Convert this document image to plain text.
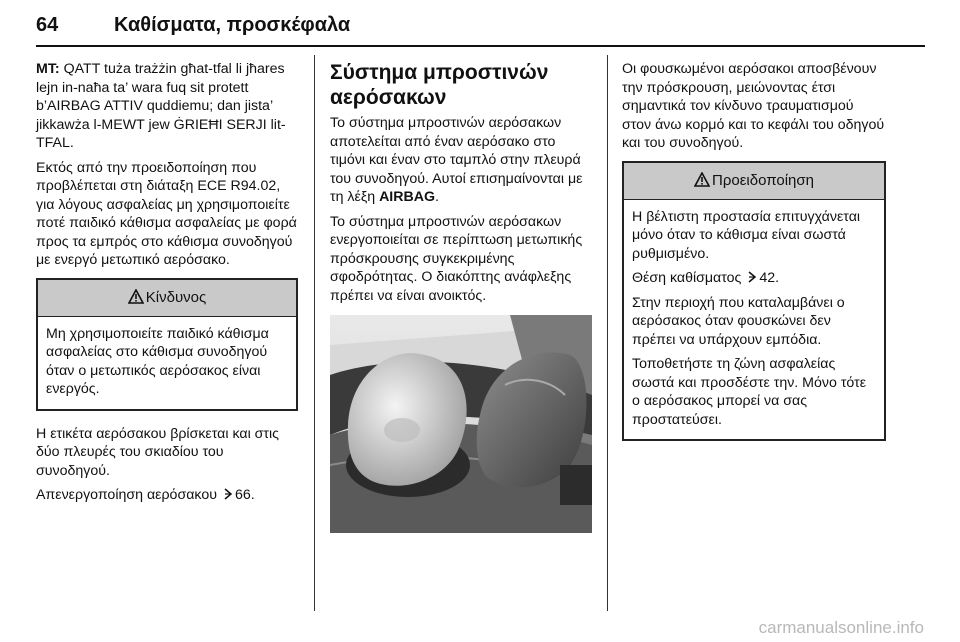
64	Καθίσματα, προσκέφαλα

MT: QATT tuża trażżin għat-tfal li jħares lejn in-naħa ta’ wara fuq sit protett b’AIRBAG ATTIV quddiemu; dan jista’ jikkawża l-MEWT jew ĠRIEĦI SERJI lit-TFAL.

Εκτός από την προειδοποίηση που προβλέπεται στη διάταξη ECE R94.02, για λόγους ασφαλείας μη χρησιμοποιείτε ποτέ παιδικό κάθισμα ασφαλείας με φορά προς τα εμπρός στο κάθισμα συνοδηγού με ενεργό μετωπικό αερόσακο.

Κίνδυνος

Μη χρησιμοποιείτε παιδικό κάθισμα ασφαλείας στο κάθισμα συνοδηγού όταν ο μετωπικός αερόσακος είναι ενεργός.

Η ετικέτα αερόσακου βρίσκεται και στις δύο πλευρές του σκιαδίου του συνοδηγού.

Απενεργοποίηση αερόσακου 66.

Σύστημα μπροστινών αερόσακων

Το σύστημα μπροστινών αερόσακων αποτελείται από έναν αερόσακο στο τιμόνι και έναν στο ταμπλό στην πλευρά του συνοδηγού. Αυτοί επισημαίνονται με τη λέξη AIRBAG.

Το σύστημα μπροστινών αερόσακων ενεργοποιείται σε περίπτωση μετωπικής πρόσκρουσης συγκεκριμένης σφοδρότητας. Ο διακόπτης ανάφλεξης πρέπει να είναι ανοικτός.

Οι φουσκωμένοι αερόσακοι αποσβένουν την πρόσκρουση, μειώνοντας έτσι σημαντικά τον κίνδυνο τραυματισμού στον άνω κορμό και το κεφάλι του οδηγού και του συνοδηγού.

Προειδοποίηση

Η βέλτιστη προστασία επιτυγχάνεται μόνο όταν το κάθισμα είναι σωστά ρυθμισμένο.

Θέση καθίσματος 42.

Στην περιοχή που καταλαμβάνει ο αερόσακος όταν φουσκώνει δεν πρέπει να υπάρχουν εμπόδια.

Τοποθετήστε τη ζώνη ασφαλείας σωστά και προσδέστε την. Μόνο τότε ο αερόσακος μπορεί να σας προστατεύσει.

carmanualsonline.info
